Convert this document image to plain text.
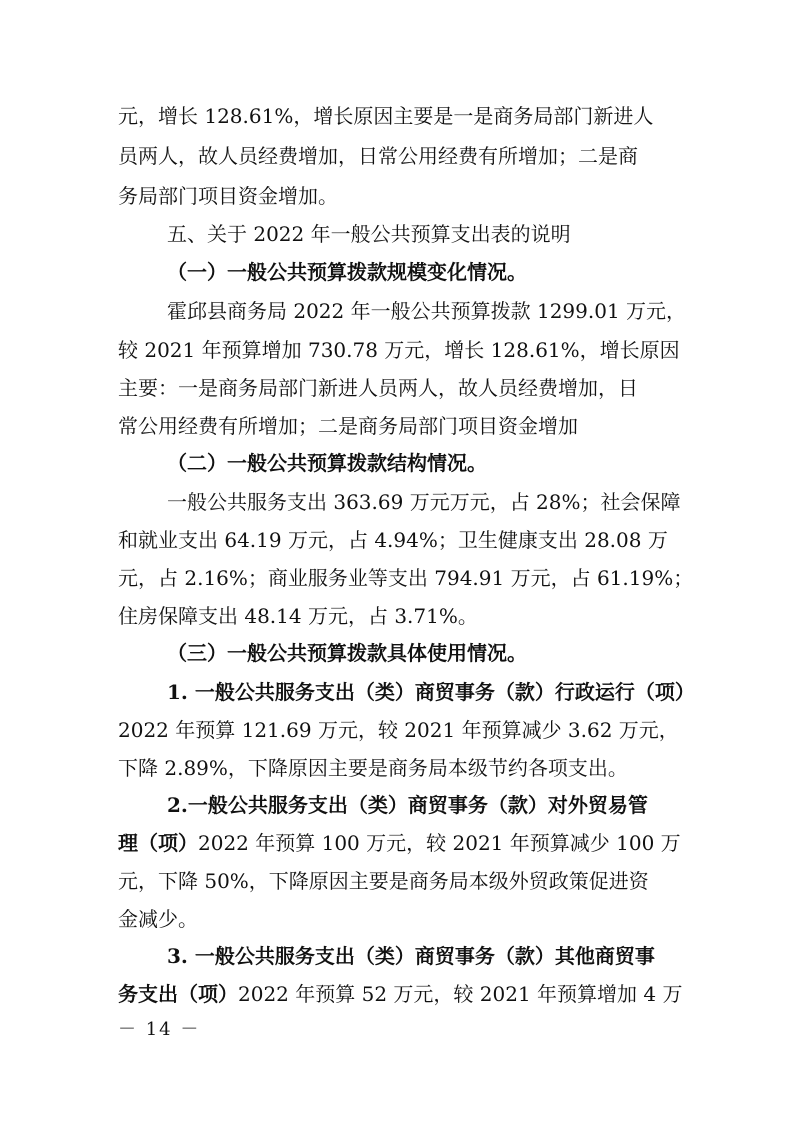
元，增长 128.61%，增长原因主要是一是商务局部门新进人
员两人，故人员经费增加，日常公用经费有所增加；二是商
务局部门项目资金增加。
五、关于 2022 年一般公共预算支出表的说明
（一）一般公共预算拨款规模变化情况。
霍邱县商务局 2022 年一般公共预算拨款 1299.01 万元，
较 2021 年预算增加 730.78 万元，增长 128.61%，增长原因
主要：一是商务局部门新进人员两人，故人员经费增加，日
常公用经费有所增加；二是商务局部门项目资金增加
（二）一般公共预算拨款结构情况。
一般公共服务支出 363.69 万元万元，占 28%；社会保障
和就业支出 64.19 万元，占 4.94%；卫生健康支出 28.08 万
元，占 2.16%；商业服务业等支出 794.91 万元，占 61.19%；
住房保障支出 48.14 万元，占 3.71%。
（三）一般公共预算拨款具体使用情况。
1. 一般公共服务支出（类）商贸事务（款）行政运行（项）
2022 年预算 121.69 万元，较 2021 年预算减少 3.62 万元，
下降 2.89%，下降原因主要是商务局本级节约各项支出。
2.一般公共服务支出（类）商贸事务（款）对外贸易管
理（项）2022 年预算 100 万元，较 2021 年预算减少 100 万
元，下降 50%，下降原因主要是商务局本级外贸政策促进资
金减少。
3. 一般公共服务支出（类）商贸事务（款）其他商贸事
务支出（项）2022 年预算 52 万元，较 2021 年预算增加 4 万
－ 14 －
